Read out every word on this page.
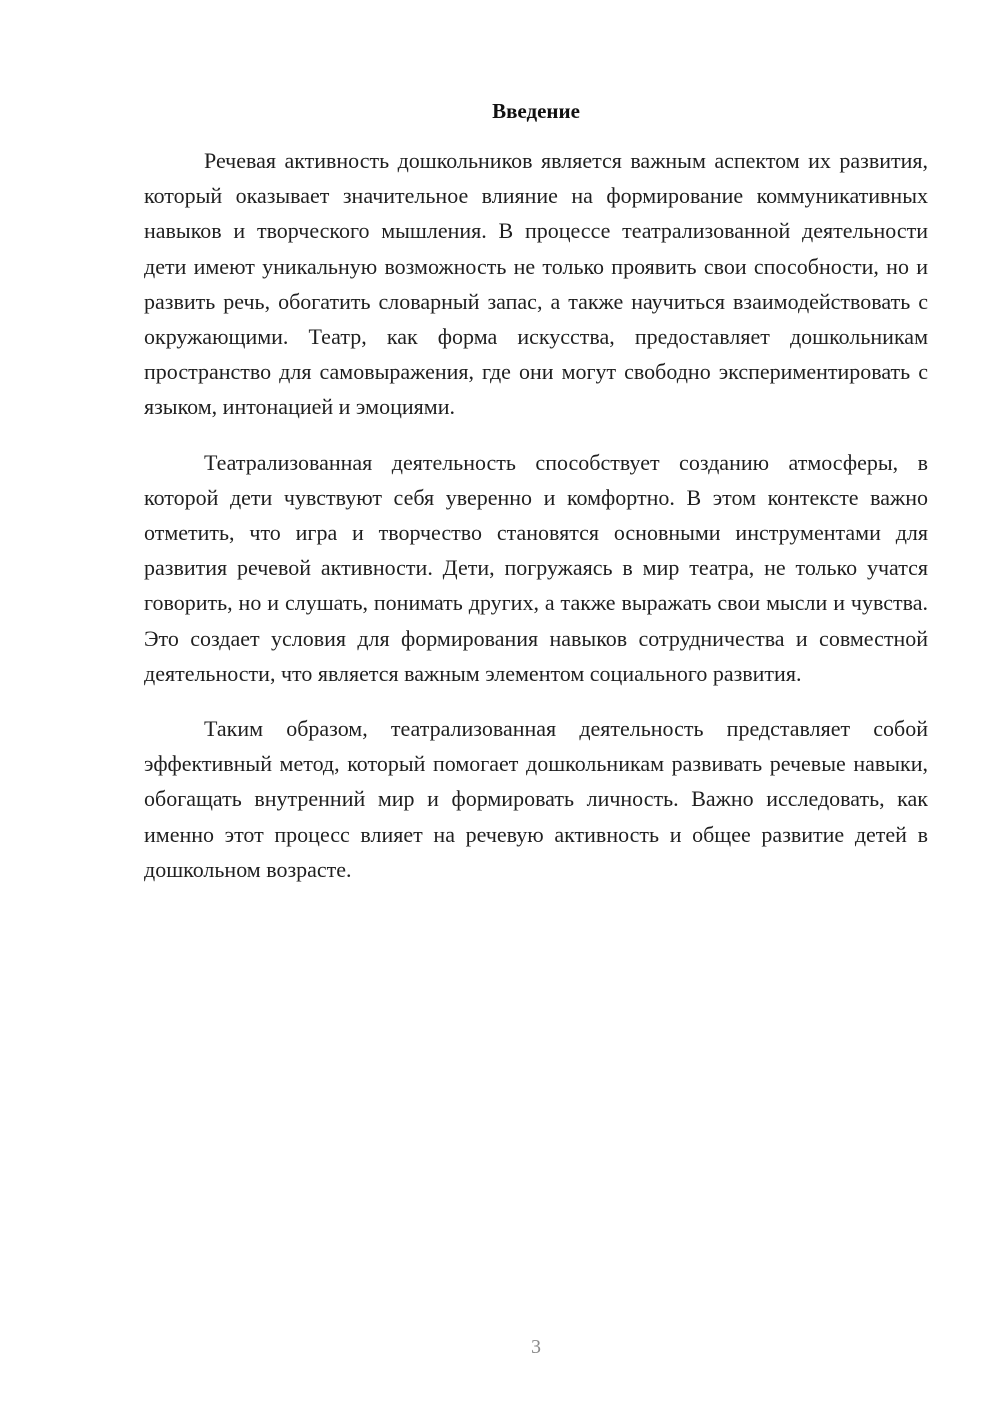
Введение

Речевая активность дошкольников является важным аспектом их развития, который оказывает значительное влияние на формирование коммуникативных навыков и творческого мышления. В процессе театрализованной деятельности дети имеют уникальную возможность не только проявить свои способности, но и развить речь, обогатить словарный запас, а также научиться взаимодействовать с окружающими. Театр, как форма искусства, предоставляет дошкольникам пространство для самовыражения, где они могут свободно экспериментировать с языком, интонацией и эмоциями.

Театрализованная деятельность способствует созданию атмосферы, в которой дети чувствуют себя уверенно и комфортно. В этом контексте важно отметить, что игра и творчество становятся основными инструментами для развития речевой активности. Дети, погружаясь в мир театра, не только учатся говорить, но и слушать, понимать других, а также выражать свои мысли и чувства. Это создает условия для формирования навыков сотрудничества и совместной деятельности, что является важным элементом социального развития.

Таким образом, театрализованная деятельность представляет собой эффективный метод, который помогает дошкольникам развивать речевые навыки, обогащать внутренний мир и формировать личность. Важно исследовать, как именно этот процесс влияет на речевую активность и общее развитие детей в дошкольном возрасте.

3
